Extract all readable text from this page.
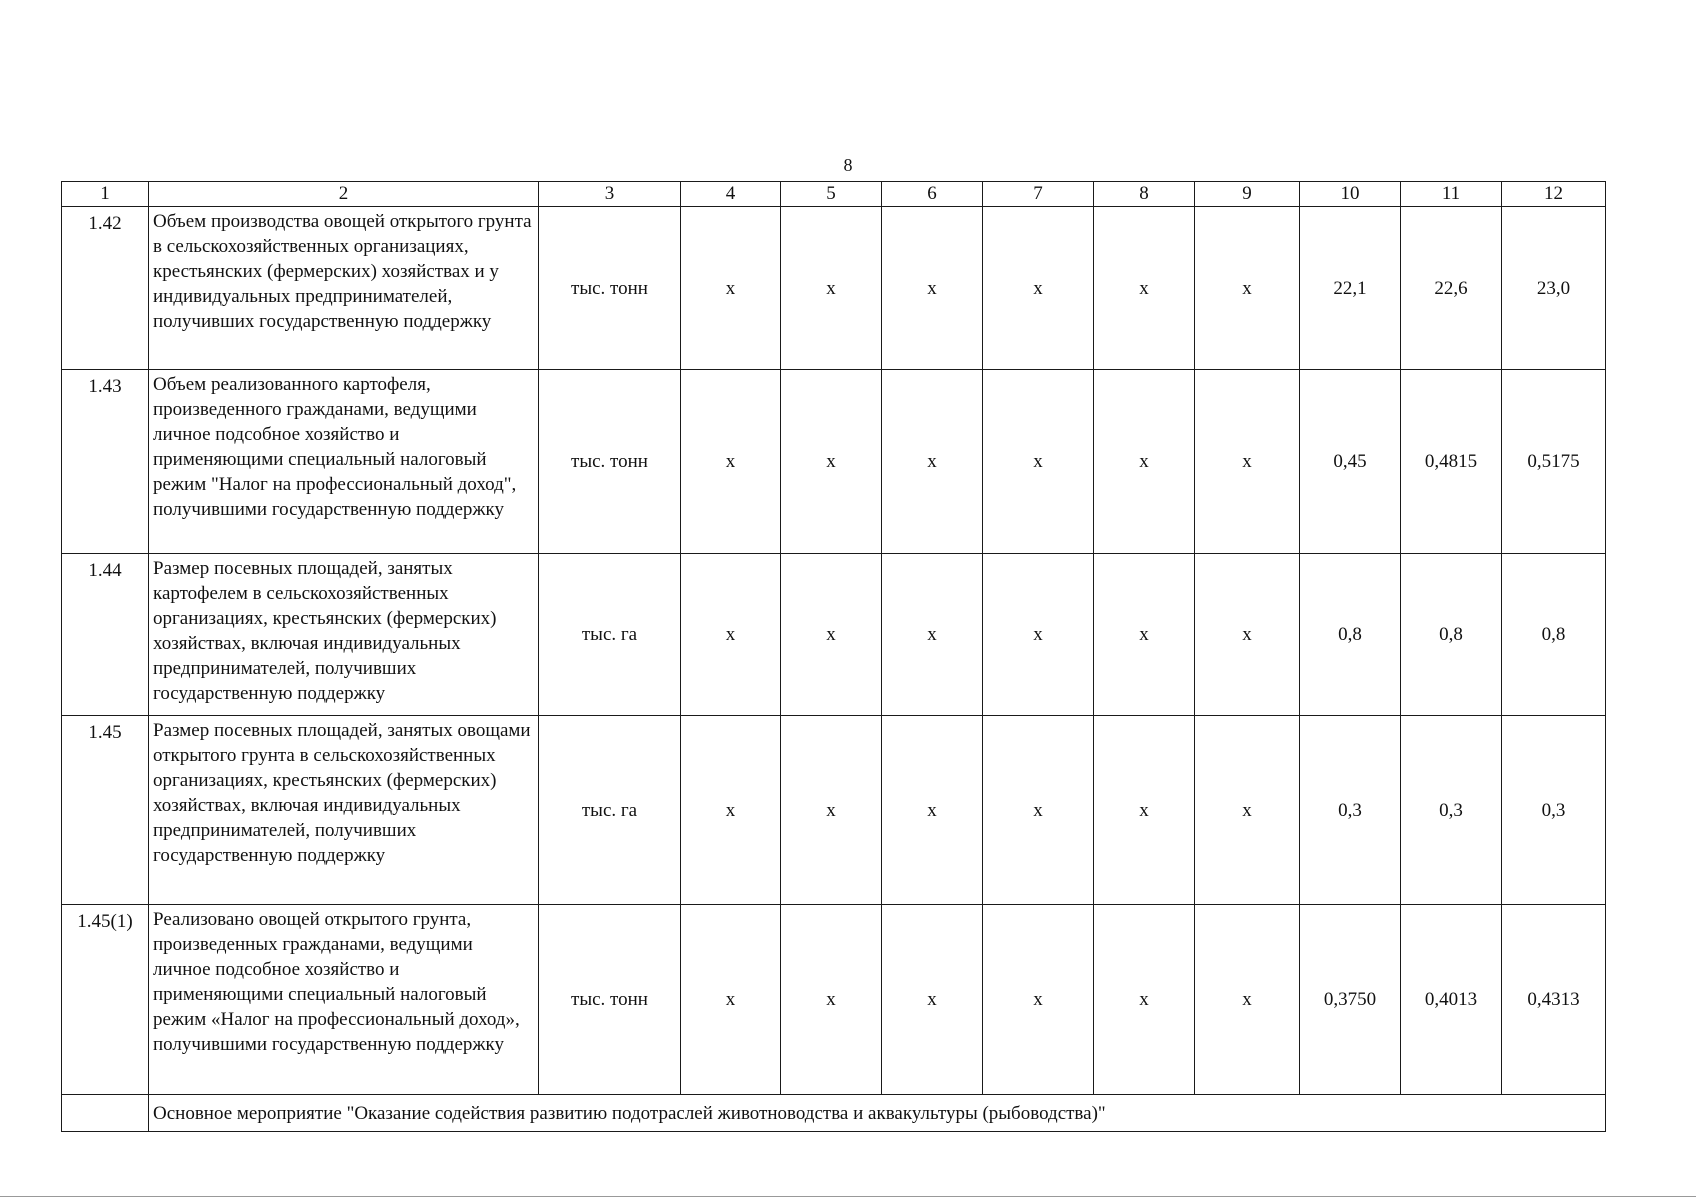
8
1	2	3	4	5	6	7	8	9	10	11	12
1.42	Объем производства овощей открытого грунта в сельскохозяйственных организациях, крестьянских (фермерских) хозяйствах и у индивидуальных предпринимателей, получивших государственную поддержку	тыс. тонн	х	х	х	х	х	х	22,1	22,6	23,0
1.43	Объем реализованного картофеля, произведенного гражданами, ведущими личное подсобное хозяйство и применяющими специальный налоговый режим "Налог на профессиональный доход", получившими государственную поддержку	тыс. тонн	х	х	х	х	х	х	0,45	0,4815	0,5175
1.44	Размер посевных площадей, занятых картофелем в сельскохозяйственных организациях, крестьянских (фермерских) хозяйствах, включая индивидуальных предпринимателей, получивших государственную поддержку	тыс. га	х	х	х	х	х	х	0,8	0,8	0,8
1.45	Размер посевных площадей, занятых овощами открытого грунта в сельскохозяйственных организациях, крестьянских (фермерских) хозяйствах, включая индивидуальных предпринимателей, получивших государственную поддержку	тыс. га	х	х	х	х	х	х	0,3	0,3	0,3
1.45(1)	Реализовано овощей открытого грунта, произведенных гражданами, ведущими личное подсобное хозяйство и применяющими специальный налоговый режим «Налог на профессиональный доход», получившими государственную поддержку	тыс. тонн	х	х	х	х	х	х	0,3750	0,4013	0,4313
	Основное мероприятие "Оказание содействия развитию подотраслей животноводства и аквакультуры (рыбоводства)"										
